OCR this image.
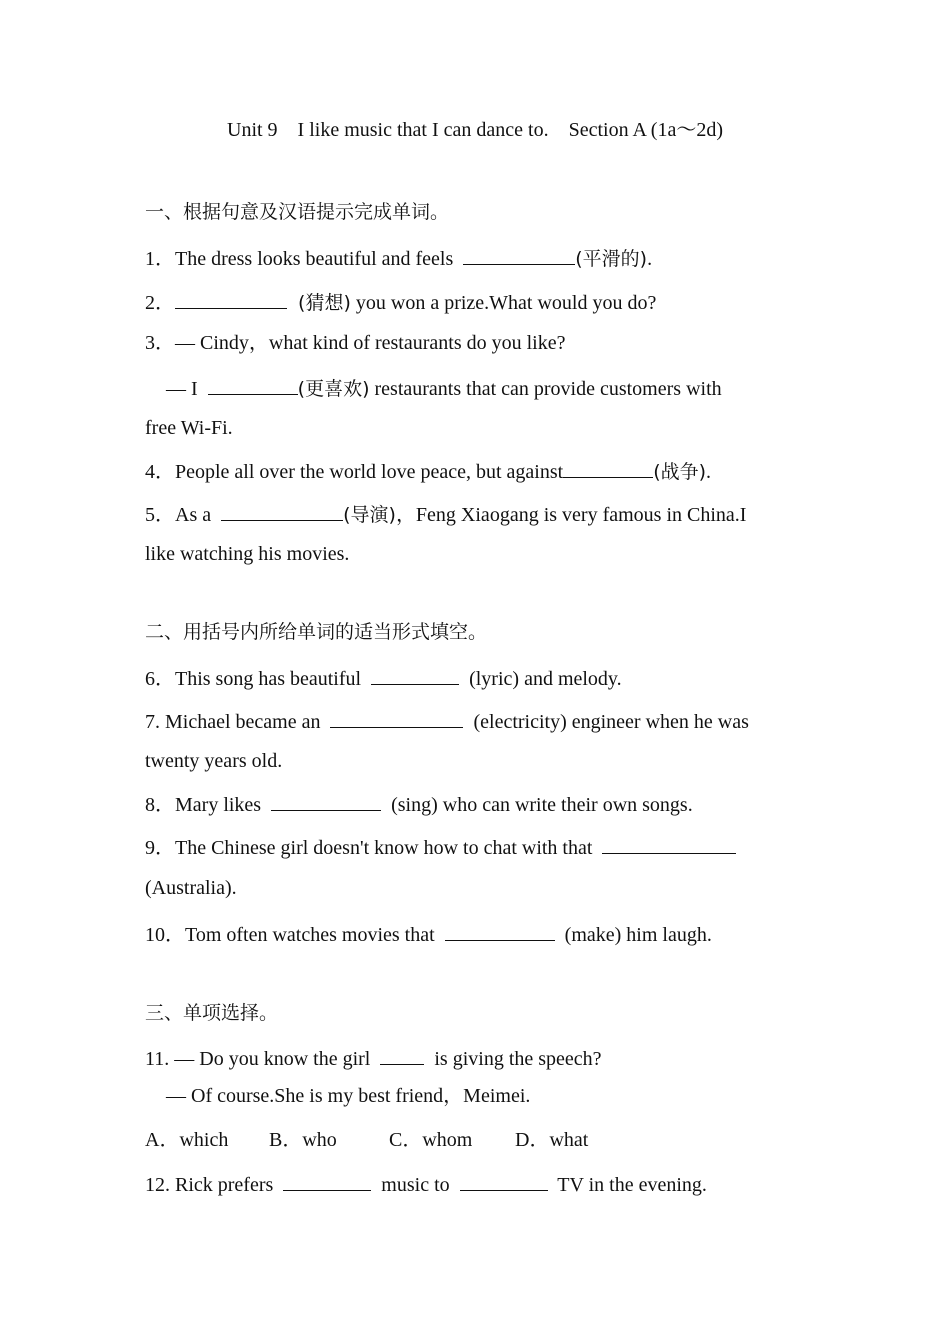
Unit 9    I like music that I can dance to.    Section A (1a～2d)
一、根据句意及汉语提示完成单词。
1．The dress looks beautiful and feels	(平滑的).
2．	(猜想) you won a prize.What would you do?
3．— Cindy，what kind of restaurants do you like?
— I	(更喜欢) restaurants that can provide customers with
free Wi-Fi.
4．People all over the world love peace, but against	(战争).
5．As a	(导演)，Feng Xiaogang is very famous in China.I
like watching his movies.
二、用括号内所给单词的适当形式填空。
6．This song has beautiful	(lyric) and melody.
7. Michael became an	(electricity) engineer when he was
twenty years old.
8．Mary likes	(sing) who can write their own songs.
9．The Chinese girl doesn't know how to chat with that
(Australia).
10．Tom often watches movies that	(make) him laugh.
三、单项选择。
11. — Do you know the girl	is giving the speech?
— Of course.She is my best friend，Meimei.
A．which B．who	C．whom D．what
12. Rick prefers	music to	TV in the evening.
